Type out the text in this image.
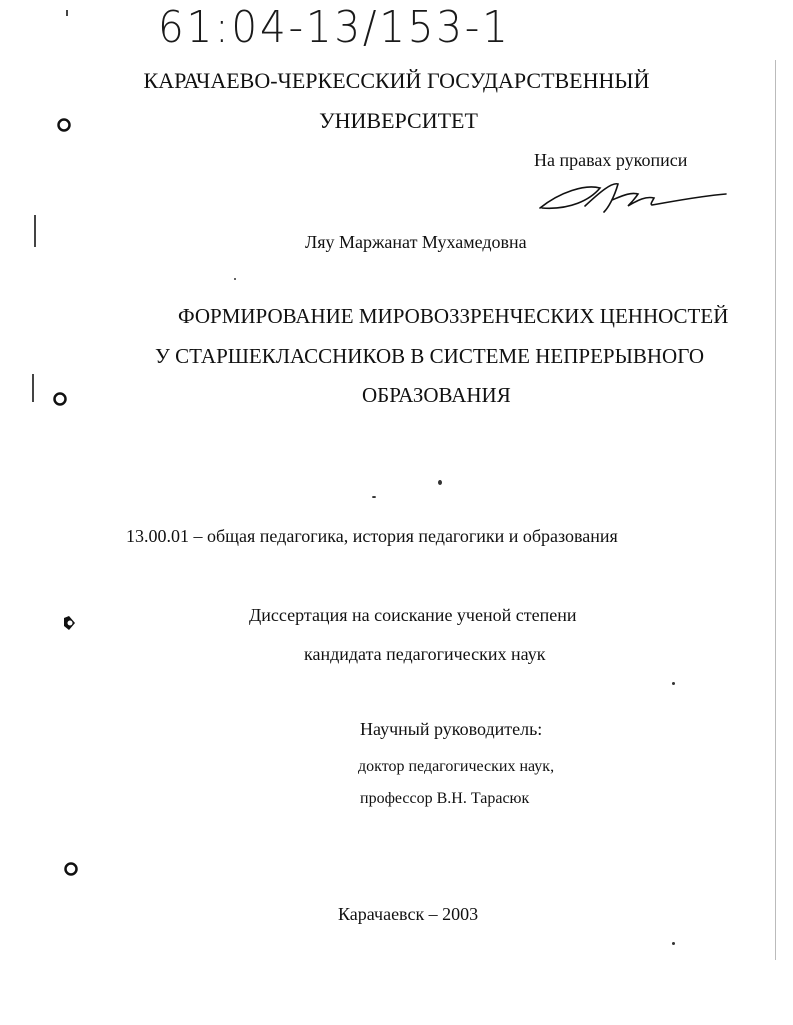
61:04-13/153-1
КАРАЧАЕВО-ЧЕРКЕССКИЙ ГОСУДАРСТВЕННЫЙ
УНИВЕРСИТЕТ
На правах рукописи
Ляу Маржанат Мухамедовна
ФОРМИРОВАНИЕ МИРОВОЗЗРЕНЧЕСКИХ ЦЕННОСТЕЙ
У СТАРШЕКЛАССНИКОВ В СИСТЕМЕ НЕПРЕРЫВНОГО
ОБРАЗОВАНИЯ
13.00.01 – общая педагогика, история педагогики и образования
Диссертация на соискание ученой степени
кандидата педагогических наук
Научный руководитель:
доктор педагогических наук,
профессор В.Н. Тарасюк
Карачаевск – 2003
